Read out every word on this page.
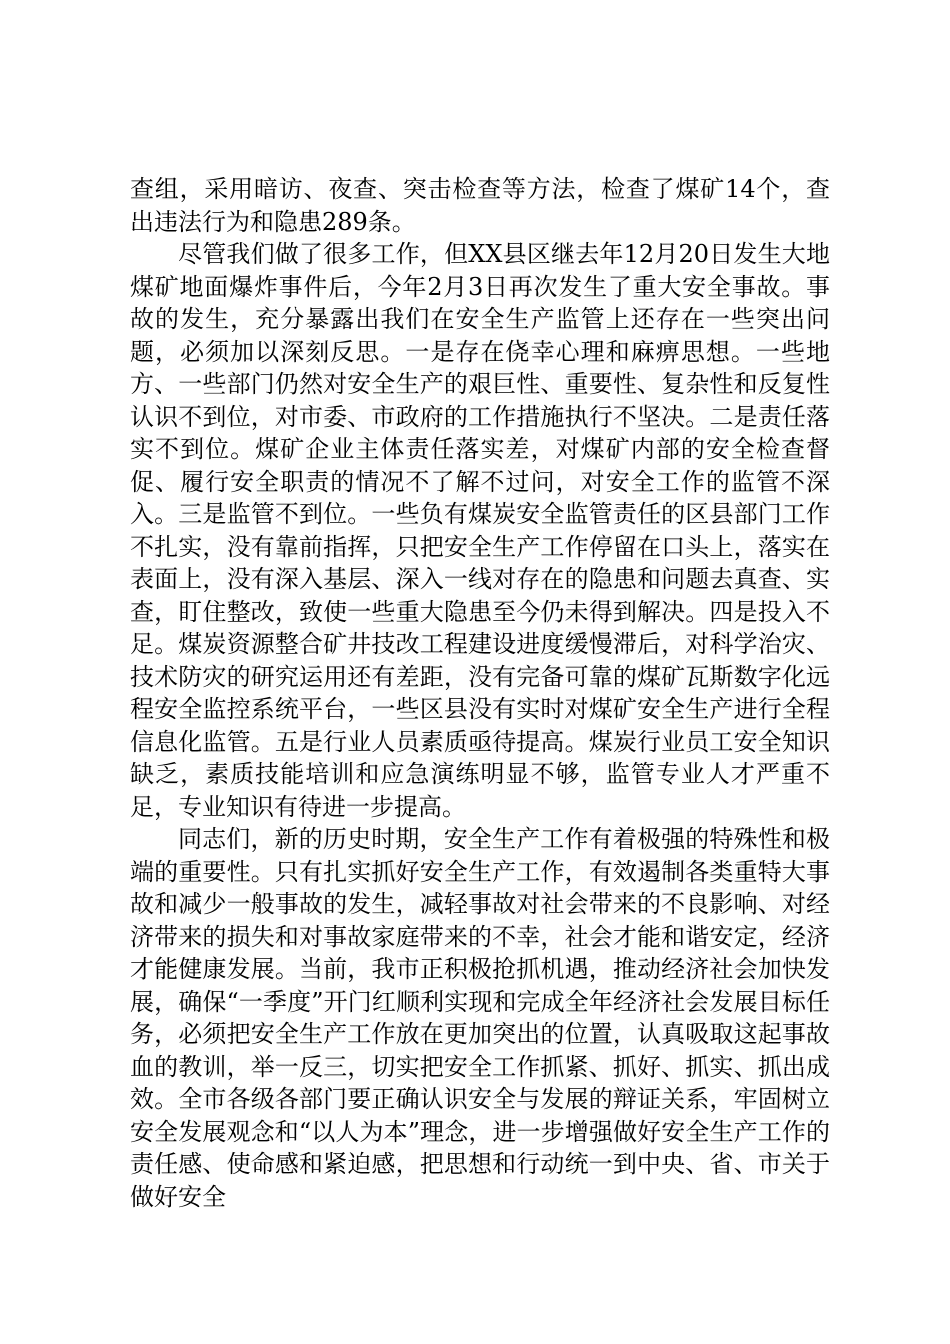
查组，采用暗访、夜查、突击检查等方法，检查了煤矿14个，查出违法行为和隐患289条。

尽管我们做了很多工作，但XX县区继去年12月20日发生大地煤矿地面爆炸事件后，今年2月3日再次发生了重大安全事故。事故的发生，充分暴露出我们在安全生产监管上还存在一些突出问题，必须加以深刻反思。一是存在侥幸心理和麻痹思想。一些地方、一些部门仍然对安全生产的艰巨性、重要性、复杂性和反复性认识不到位，对市委、市政府的工作措施执行不坚决。二是责任落实不到位。煤矿企业主体责任落实差，对煤矿内部的安全检查督促、履行安全职责的情况不了解不过问，对安全工作的监管不深入。三是监管不到位。一些负有煤炭安全监管责任的区县部门工作不扎实，没有靠前指挥，只把安全生产工作停留在口头上，落实在表面上，没有深入基层、深入一线对存在的隐患和问题去真查、实查，盯住整改，致使一些重大隐患至今仍未得到解决。四是投入不足。煤炭资源整合矿井技改工程建设进度缓慢滞后，对科学治灾、技术防灾的研究运用还有差距，没有完备可靠的煤矿瓦斯数字化远程安全监控系统平台，一些区县没有实时对煤矿安全生产进行全程信息化监管。五是行业人员素质亟待提高。煤炭行业员工安全知识缺乏，素质技能培训和应急演练明显不够，监管专业人才严重不足，专业知识有待进一步提高。

同志们，新的历史时期，安全生产工作有着极强的特殊性和极端的重要性。只有扎实抓好安全生产工作，有效遏制各类重特大事故和减少一般事故的发生，减轻事故对社会带来的不良影响、对经济带来的损失和对事故家庭带来的不幸，社会才能和谐安定，经济才能健康发展。当前，我市正积极抢抓机遇，推动经济社会加快发展，确保“一季度”开门红顺利实现和完成全年经济社会发展目标任务，必须把安全生产工作放在更加突出的位置，认真吸取这起事故血的教训，举一反三，切实把安全工作抓紧、抓好、抓实、抓出成效。全市各级各部门要正确认识安全与发展的辩证关系，牢固树立安全发展观念和“以人为本”理念，进一步增强做好安全生产工作的责任感、使命感和紧迫感，把思想和行动统一到中央、省、市关于做好安全
